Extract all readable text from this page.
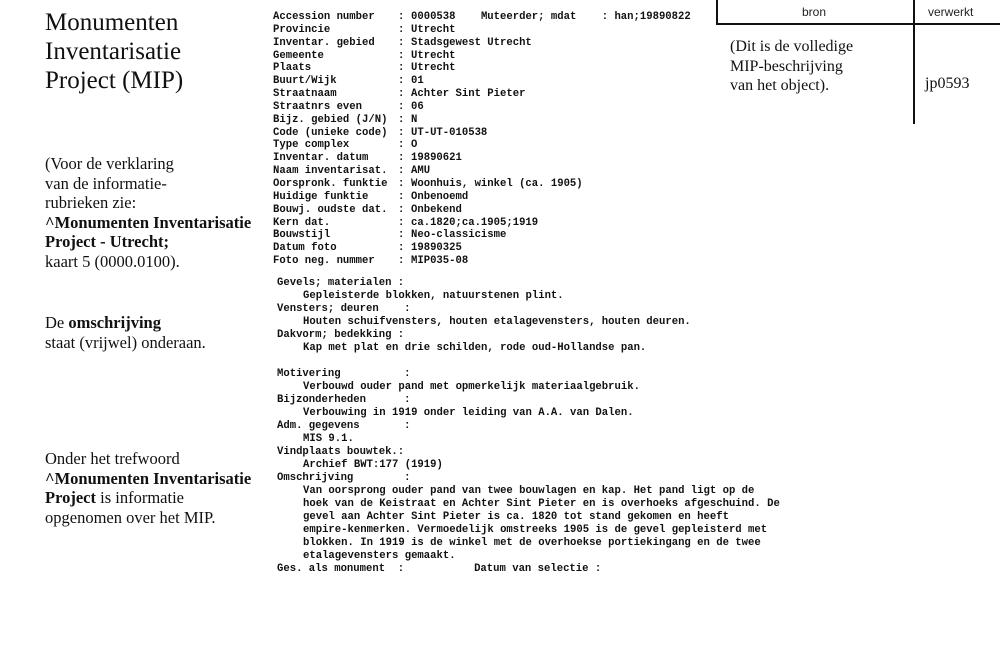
Monumenten
Inventarisatie
Project (MIP)
(Voor de verklaring
van de informatie-
rubrieken zie:
^Monumenten Inventarisatie
Project - Utrecht;
kaart 5 (0000.0100).
De omschrijving
staat (vrijwel) onderaan.
Onder het trefwoord
^Monumenten Inventarisatie
Project is informatie
opgenomen over het MIP.
Accession number	: 0000538 Muteerder; mdat    : han;19890822
Provincie	: Utrecht
Inventar. gebied	: Stadsgewest Utrecht
Gemeente	: Utrecht
Plaats	: Utrecht
Buurt/Wijk	: 01
Straatnaam	: Achter Sint Pieter
Straatnrs even	: 06
Bijz. gebied (J/N) : N
Code (unieke code) : UT-UT-010538
Type complex	: O
Inventar. datum	: 19890621
Naam inventarisat. : AMU
Oorspronk. funktie : Woonhuis, winkel (ca. 1905)
Huidige funktie	: Onbenoemd
Bouwj. oudste dat. : Onbekend
Kern dat.	: ca.1820;ca.1905;1919
Bouwstijl	: Neo-classicisme
Datum foto	: 19890325
Foto neg. nummer	: MIP035-08
Gevels; materialen :
Gepleisterde blokken, natuurstenen plint.
Vensters; deuren    :
Houten schuifvensters, houten etalagevensters, houten deuren.
Dakvorm; bedekking :
Kap met plat en drie schilden, rode oud-Hollandse pan.
Motivering          :
Verbouwd ouder pand met opmerkelijk materiaalgebruik.
Bijzonderheden      :
Verbouwing in 1919 onder leiding van A.A. van Dalen.
Adm. gegevens       :
MIS 9.1.
Vindplaats bouwtek.:
Archief BWT:177 (1919)
Omschrijving        :
Van oorsprong ouder pand van twee bouwlagen en kap. Het pand ligt op de
hoek van de Keistraat en Achter Sint Pieter en is overhoeks afgeschuind. De
gevel aan Achter Sint Pieter is ca. 1820 tot stand gekomen en heeft
empire-kenmerken. Vermoedelijk omstreeks 1905 is de gevel gepleisterd met
blokken. In 1919 is de winkel met de overhoekse portiekingang en de twee
etalagevensters gemaakt.
Ges. als monument  :           Datum van selectie :
bron	verwerkt
(Dit is de volledige
MIP-beschrijving
van het object).	jp0593
